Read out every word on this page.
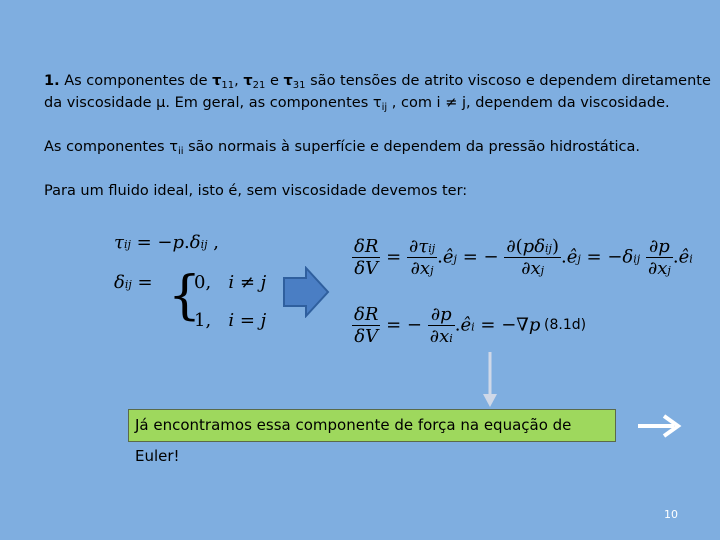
1. As componentes de $\tau_{11}$, $\tau_{21}$ e $\tau_{31}$ são tensões de atrito viscoso e dependem diretamente
da viscosidade μ. Em geral, as componentes $\tau_{ij}$ , com i ≠ j, dependem da viscosidade.
As componentes $\tau_{ii}$ são normais à superfície e dependem da pressão hidrostática.
Para um fluido ideal, isto é, sem viscosidade devemos ter:
τij = −p.δij ,
δij = {
0,   i ≠ j
1,   i = j
$\frac{\delta R}{\delta V} = \frac{\text{∂τij}}{\partial xj}$ .êj = − $\frac{\text{∂(pδij)}}{\partial xj}$ .êj = $-\delta ij \frac{\partial p}{\partial xj}$ .êi
$\frac{\delta R}{\delta V}$ = − $\frac{\partial p}{\partial xi}$ .êi = −∇p (8.1d)
Já encontramos essa componente de força na equação de Euler!
10
